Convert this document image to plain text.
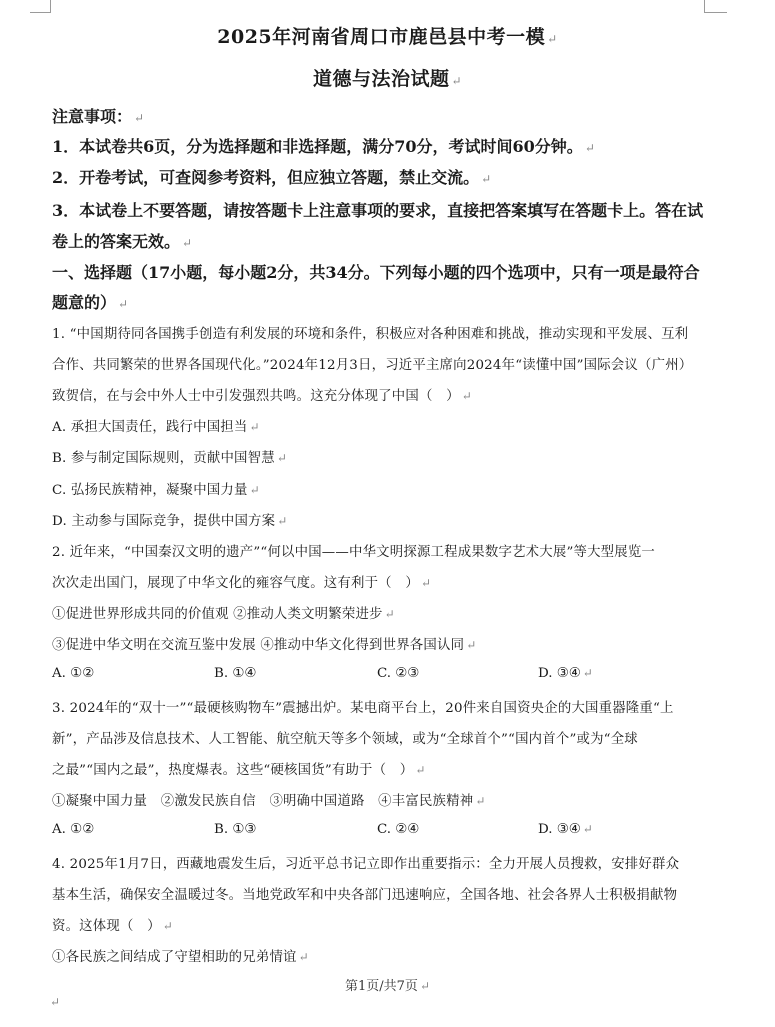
2025年河南省周口市鹿邑县中考一模 ↵
道德与法治试题 ↵
注意事项： ↵
1．本试卷共6页，分为选择题和非选择题，满分70分，考试时间60分钟。 ↵
2．开卷考试，可查阅参考资料，但应独立答题，禁止交流。 ↵
3．本试卷上不要答题，请按答题卡上注意事项的要求，直接把答案填写在答题卡上。答在试
卷上的答案无效。 ↵
一、选择题（17小题，每小题2分，共34分。下列每小题的四个选项中，只有一项是最符合
题意的） ↵
1. “中国期待同各国携手创造有利发展的环境和条件，积极应对各种困难和挑战，推动实现和平发展、互利
合作、共同繁荣的世界各国现代化。”2024年12月3日，习近平主席向2024年“读懂中国”国际会议（广州）
致贺信，在与会中外人士中引发强烈共鸣。这充分体现了中国（　） ↵
A. 承担大国责任，践行中国担当 ↵
B. 参与制定国际规则，贡献中国智慧 ↵
C. 弘扬民族精神，凝聚中国力量 ↵
D. 主动参与国际竞争，提供中国方案 ↵
2. 近年来，“中国秦汉文明的遗产”“何以中国——中华文明探源工程成果数字艺术大展”等大型展览一
次次走出国门，展现了中华文化的雍容气度。这有利于（　） ↵
①促进世界形成共同的价值观 ②推动人类文明繁荣进步 ↵
③促进中华文明在交流互鉴中发展 ④推动中华文化得到世界各国认同 ↵
A. ①②	B. ①④	C. ②③	D. ③④ ↵
3. 2024年的“双十一”“最硬核购物车”震撼出炉。某电商平台上，20件来自国资央企的大国重器隆重“上
新”，产品涉及信息技术、人工智能、航空航天等多个领域，或为“全球首个”“国内首个”或为“全球
之最”“国内之最”，热度爆表。这些“硬核国货”有助于（　） ↵
①凝聚中国力量　②激发民族自信　③明确中国道路　④丰富民族精神 ↵
A. ①②	B. ①③	C. ②④	D. ③④ ↵
4. 2025年1月7日，西藏地震发生后，习近平总书记立即作出重要指示：全力开展人员搜救，安排好群众
基本生活，确保安全温暖过冬。当地党政军和中央各部门迅速响应，全国各地、社会各界人士积极捐献物
资。这体现（　） ↵
①各民族之间结成了守望相助的兄弟情谊 ↵
第1页/共7页 ↵
↵
